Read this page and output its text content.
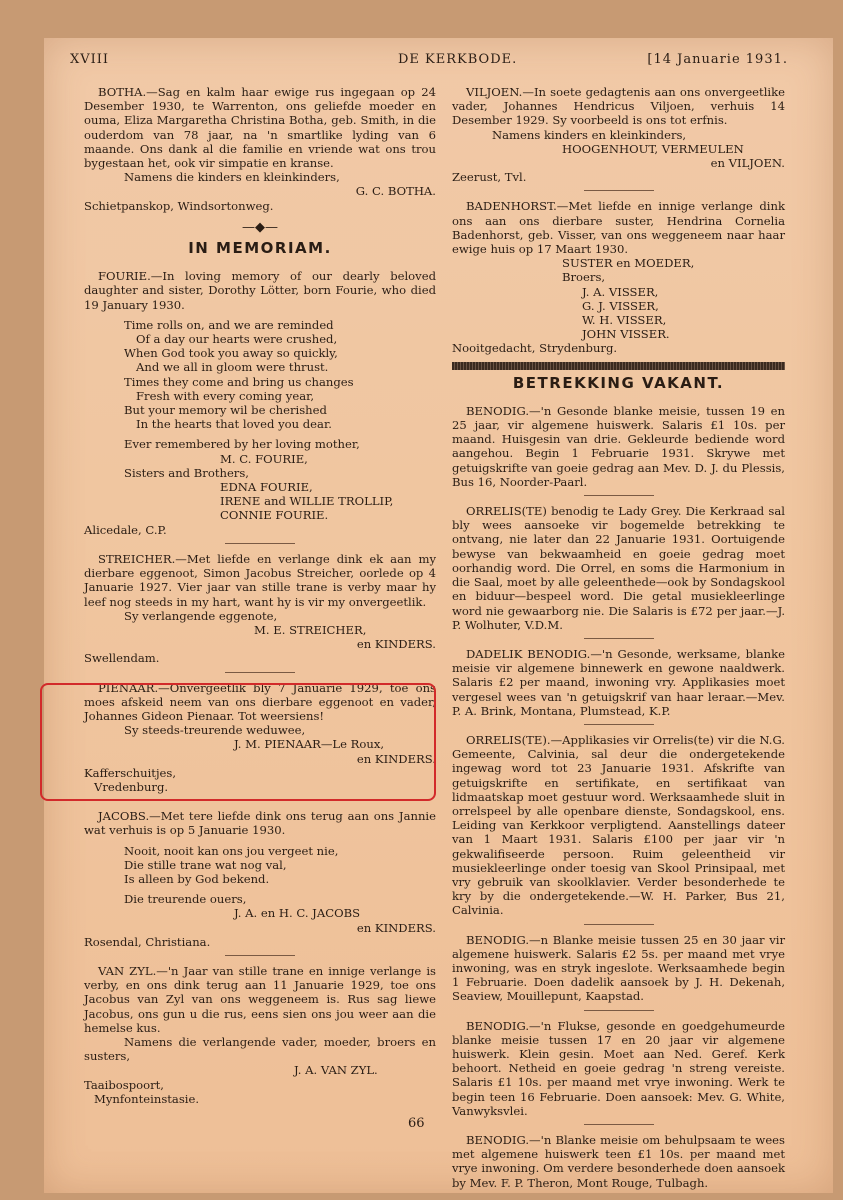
XVIII	DE KERKBODE.	[14 Januarie 1931.

BOTHA.—Sag en kalm haar ewige rus ingegaan op 24 Desember 1930, te Warrenton, ons geliefde moeder en ouma, Eliza Margaretha Christina Botha, geb. Smith, in die ouderdom van 78 jaar, na 'n smartlike lyding van 6 maande. Ons dank al die familie en vriende wat ons trou bygestaan het, ook vir simpatie en kranse.

Namens die kinders en kleinkinders,
G. C. BOTHA.
Schietpanskop, Windsortonweg.
—◆—
IN MEMORIAM.

FOURIE.—In loving memory of our dearly beloved daughter and sister, Dorothy Lötter, born Fourie, who died 19 January 1930.

Time rolls on, and we are reminded
Of a day our hearts were crushed,
When God took you away so quickly,
And we all in gloom were thrust.
Times they come and bring us changes
Fresh with every coming year,
But your memory wil be cherished
In the hearts that loved you dear.
Ever remembered by her loving mother,
M. C. FOURIE,
Sisters and Brothers,
EDNA FOURIE,
IRENE and WILLIE TROLLIP,
CONNIE FOURIE.
Alicedale, C.P.

STREICHER.—Met liefde en verlange dink ek aan my dierbare eggenoot, Simon Jacobus Streicher, oorlede op 4 Januarie 1927. Vier jaar van stille trane is verby maar hy leef nog steeds in my hart, want hy is vir my onvergeetlik.

Sy verlangende eggenote,
M. E. STREICHER,
en KINDERS.
Swellendam.

PIENAAR.—Onvergeetlik bly 7 Januarie 1929, toe ons moes afskeid neem van ons dierbare eggenoot en vader, Johannes Gideon Pienaar. Tot weersiens!

Sy steeds-treurende weduwee,
J. M. PIENAAR—Le Roux,
en KINDERS.
Kafferschuitjes,
Vredenburg.

JACOBS.—Met tere liefde dink ons terug aan ons Jannie wat verhuis is op 5 Januarie 1930.

Nooit, nooit kan ons jou vergeet nie,
Die stille trane wat nog val,
Is alleen by God bekend.
Die treurende ouers,
J. A. en H. C. JACOBS
en KINDERS.
Rosendal, Christiana.

VAN ZYL.—'n Jaar van stille trane en innige verlange is verby, en ons dink terug aan 11 Januarie 1929, toe ons Jacobus van Zyl van ons weggeneem is. Rus sag liewe Jacobus, ons gun u die rus, eens sien ons jou weer aan die hemelse kus.

Namens die verlangende vader, moeder, broers en susters,

J. A. VAN ZYL.
Taaibospoort,
Mynfonteinstasie.

VILJOEN.—In soete gedagtenis aan ons onvergeetlike vader, Johannes Hendricus Viljoen, verhuis 14 Desember 1929. Sy voorbeeld is ons tot erfnis.

Namens kinders en kleinkinders,
HOOGENHOUT, VERMEULEN
en VILJOEN.
Zeerust, Tvl.

BADENHORST.—Met liefde en innige verlange dink ons aan ons dierbare suster, Hendrina Cornelia Badenhorst, geb. Visser, van ons weggeneem naar haar ewige huis op 17 Maart 1930.

SUSTER en MOEDER,
Broers,
J. A. VISSER,
G. J. VISSER,
W. H. VISSER,
JOHN VISSER.
Nooitgedacht, Strydenburg.
BETREKKING VAKANT.

BENODIG.—'n Gesonde blanke meisie, tussen 19 en 25 jaar, vir algemene huiswerk. Salaris £1 10s. per maand. Huisgesin van drie. Gekleurde bediende word aangehou. Begin 1 Februarie 1931. Skrywe met getuigskrifte van goeie gedrag aan Mev. D. J. du Plessis, Bus 16, Noorder-Paarl.

ORRELIS(TE) benodig te Lady Grey. Die Kerkraad sal bly wees aansoeke vir bogemelde betrekking te ontvang, nie later dan 22 Januarie 1931. Oortuigende bewyse van bekwaamheid en goeie gedrag moet oorhandig word. Die Orrel, en soms die Harmonium in die Saal, moet by alle geleenthede—ook by Sondagskool en biduur—bespeel word. Die getal musiekleerlinge word nie gewaarborg nie. Die Salaris is £72 per jaar.—J. P. Wolhuter, V.D.M.

DADELIK BENODIG.—'n Gesonde, werksame, blanke meisie vir algemene binnewerk en gewone naaldwerk. Salaris £2 per maand, inwoning vry. Applikasies moet vergesel wees van 'n getuigskrif van haar leraar.—Mev. P. A. Brink, Montana, Plumstead, K.P.

ORRELIS(TE).—Applikasies vir Orrelis(te) vir die N.G. Gemeente, Calvinia, sal deur die ondergetekende ingewag word tot 23 Januarie 1931. Afskrifte van getuigskrifte en sertifikate, en sertifikaat van lidmaatskap moet gestuur word. Werksaamhede sluit in orrelspeel by alle openbare dienste, Sondagskool, ens. Leiding van Kerkkoor verpligtend. Aanstellings dateer van 1 Maart 1931. Salaris £100 per jaar vir 'n gekwalifiseerde persoon. Ruim geleentheid vir musiekleerlinge onder toesig van Skool Prinsipaal, met vry gebruik van skoolklavier. Verder besonderhede te kry by die ondergetekende.—W. H. Parker, Bus 21, Calvinia.

BENODIG.—n Blanke meisie tussen 25 en 30 jaar vir algemene huiswerk. Salaris £2 5s. per maand met vrye inwoning, was en stryk ingeslote. Werksaamhede begin 1 Februarie. Doen dadelik aansoek by J. H. Dekenah, Seaview, Mouillepunt, Kaapstad.

BENODIG.—'n Flukse, gesonde en goedgehumeurde blanke meisie tussen 17 en 20 jaar vir algemene huiswerk. Klein gesin. Moet aan Ned. Geref. Kerk behoort. Netheid en goeie gedrag 'n streng vereiste. Salaris £1 10s. per maand met vrye inwoning. Werk te begin teen 16 Februarie. Doen aansoek: Mev. G. White, Vanwyksvlei.

BENODIG.—'n Blanke meisie om behulpsaam te wees met algemene huiswerk teen £1 10s. per maand met vrye inwoning. Om verdere besonderhede doen aansoek by Mev. F. P. Theron, Mont Rouge, Tulbagh.

66
